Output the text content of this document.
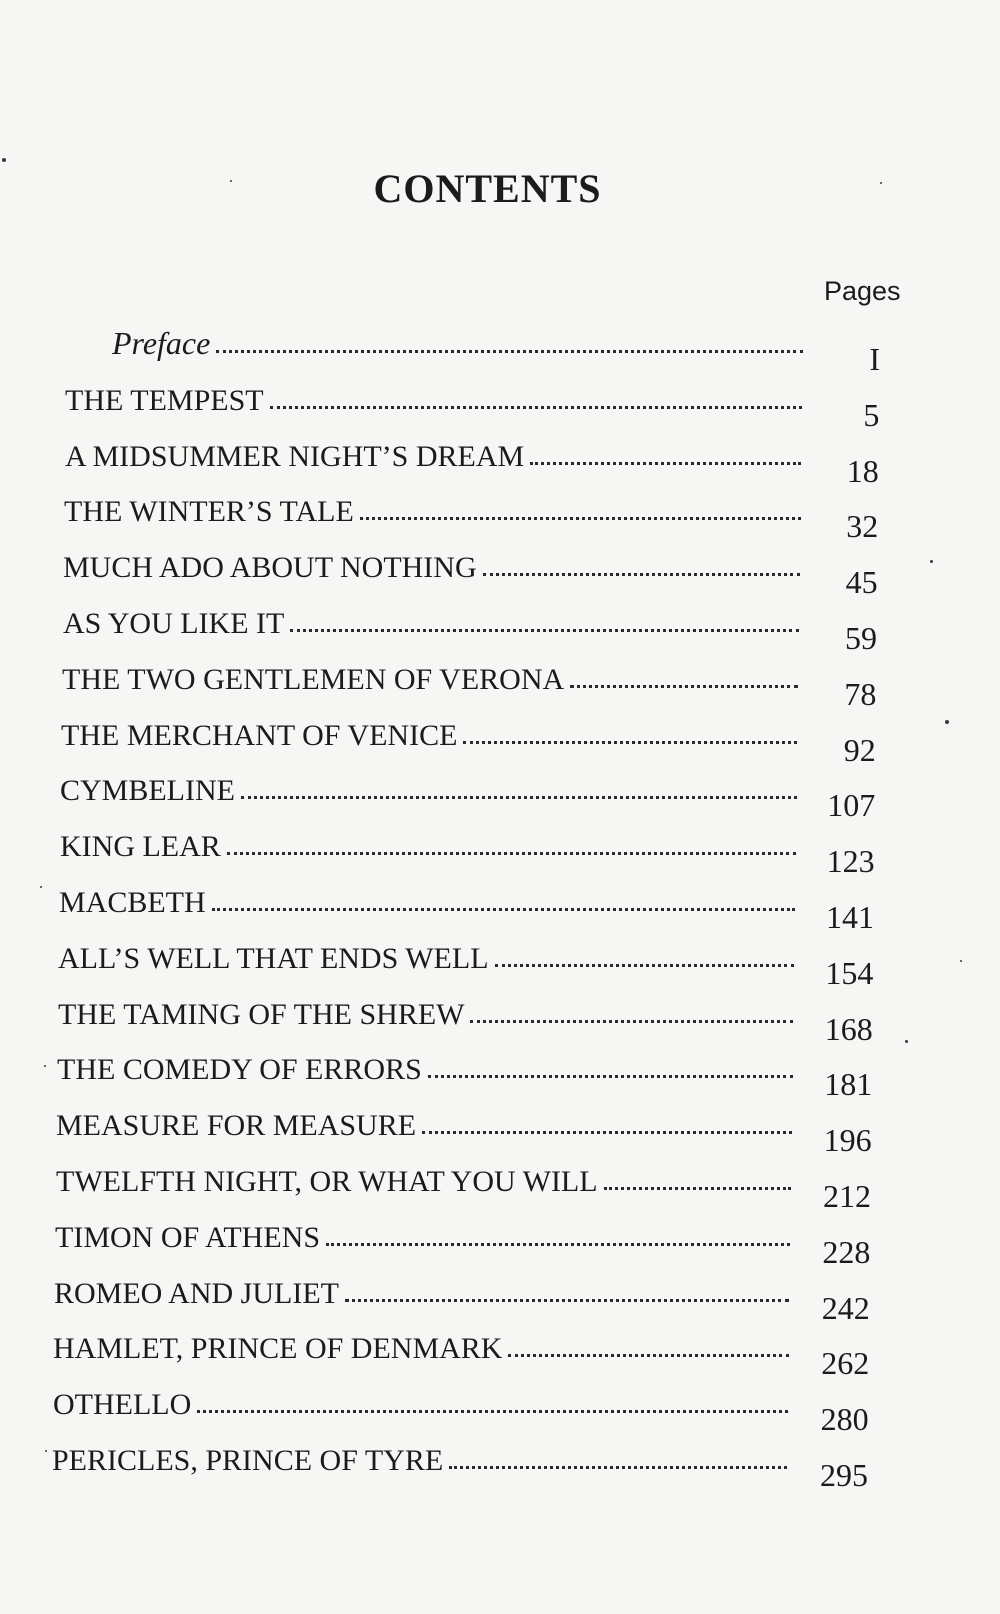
CONTENTS
Pages
Preface	I
THE TEMPEST	5
A MIDSUMMER NIGHT’S DREAM	18
THE WINTER’S TALE	32
MUCH ADO ABOUT NOTHING	45
AS YOU LIKE IT	59
THE TWO GENTLEMEN OF VERONA	78
THE MERCHANT OF VENICE	92
CYMBELINE	107
KING LEAR	123
MACBETH	141
ALL’S WELL THAT ENDS WELL	154
THE TAMING OF THE SHREW	168
THE COMEDY OF ERRORS	181
MEASURE FOR MEASURE	196
TWELFTH NIGHT, OR WHAT YOU WILL	212
TIMON OF ATHENS	228
ROMEO AND JULIET	242
HAMLET, PRINCE OF DENMARK	262
OTHELLO	280
PERICLES, PRINCE OF TYRE	295
